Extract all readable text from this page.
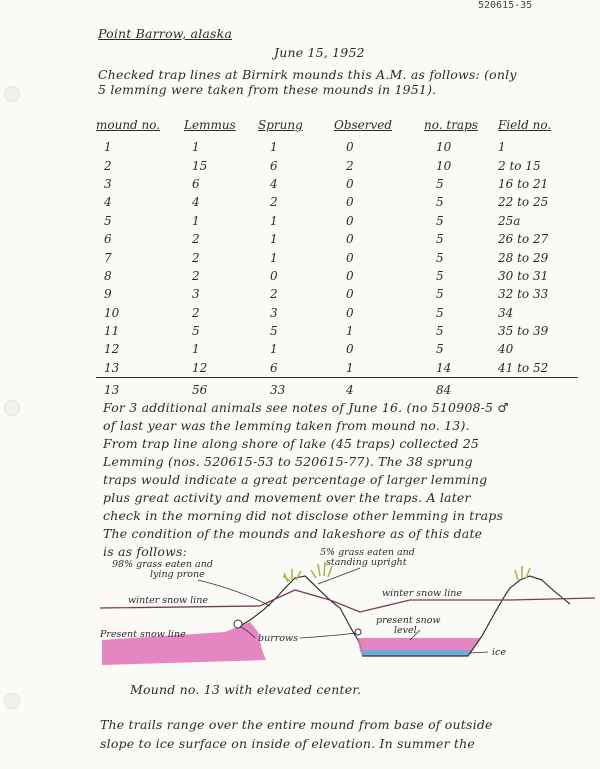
520615-35
Point Barrow, alaska
June 15, 1952
Checked trap lines at Birnirk mounds this A.M. as follows: (only
5 lemming were taken from these mounds in 1951).
mound no.	Lemmus	Sprung	Observed	no. traps	Field no.
1	1	1	0	10	1
2	15	6	2	10	2 to 15
3	6	4	0	5	16 to 21
4	4	2	0	5	22 to 25
5	1	1	0	5	25a
6	2	1	0	5	26 to 27
7	2	1	0	5	28 to 29
8	2	0	0	5	30 to 31
9	3	2	0	5	32 to 33
10	2	3	0	5	34
11	5	5	1	5	35 to 39
12	1	1	0	5	40
13	12	6	1	14	41 to 52
13	56	33	4	84	
For 3 additional animals see notes of June 16. (no 510908-5 ♂
of last year was the lemming taken from mound no. 13).
From trap line along shore of lake (45 traps) collected 25
Lemming (nos. 520615-53 to 520615-77). The 38 sprung
traps would indicate a great percentage of larger lemming
plus great activity and movement over the traps. A later
check in the morning did not disclose other lemming in traps
The condition of the mounds and lakeshore as of this date
is as follows:
98% grass eaten and
lying prone
5% grass eaten and
standing upright
winter snow line
winter snow line
Present snow line
present snow
level
burrows
ice
Mound no. 13 with elevated center.
The trails range over the entire mound from base of outside
slope to ice surface on inside of elevation. In summer the
